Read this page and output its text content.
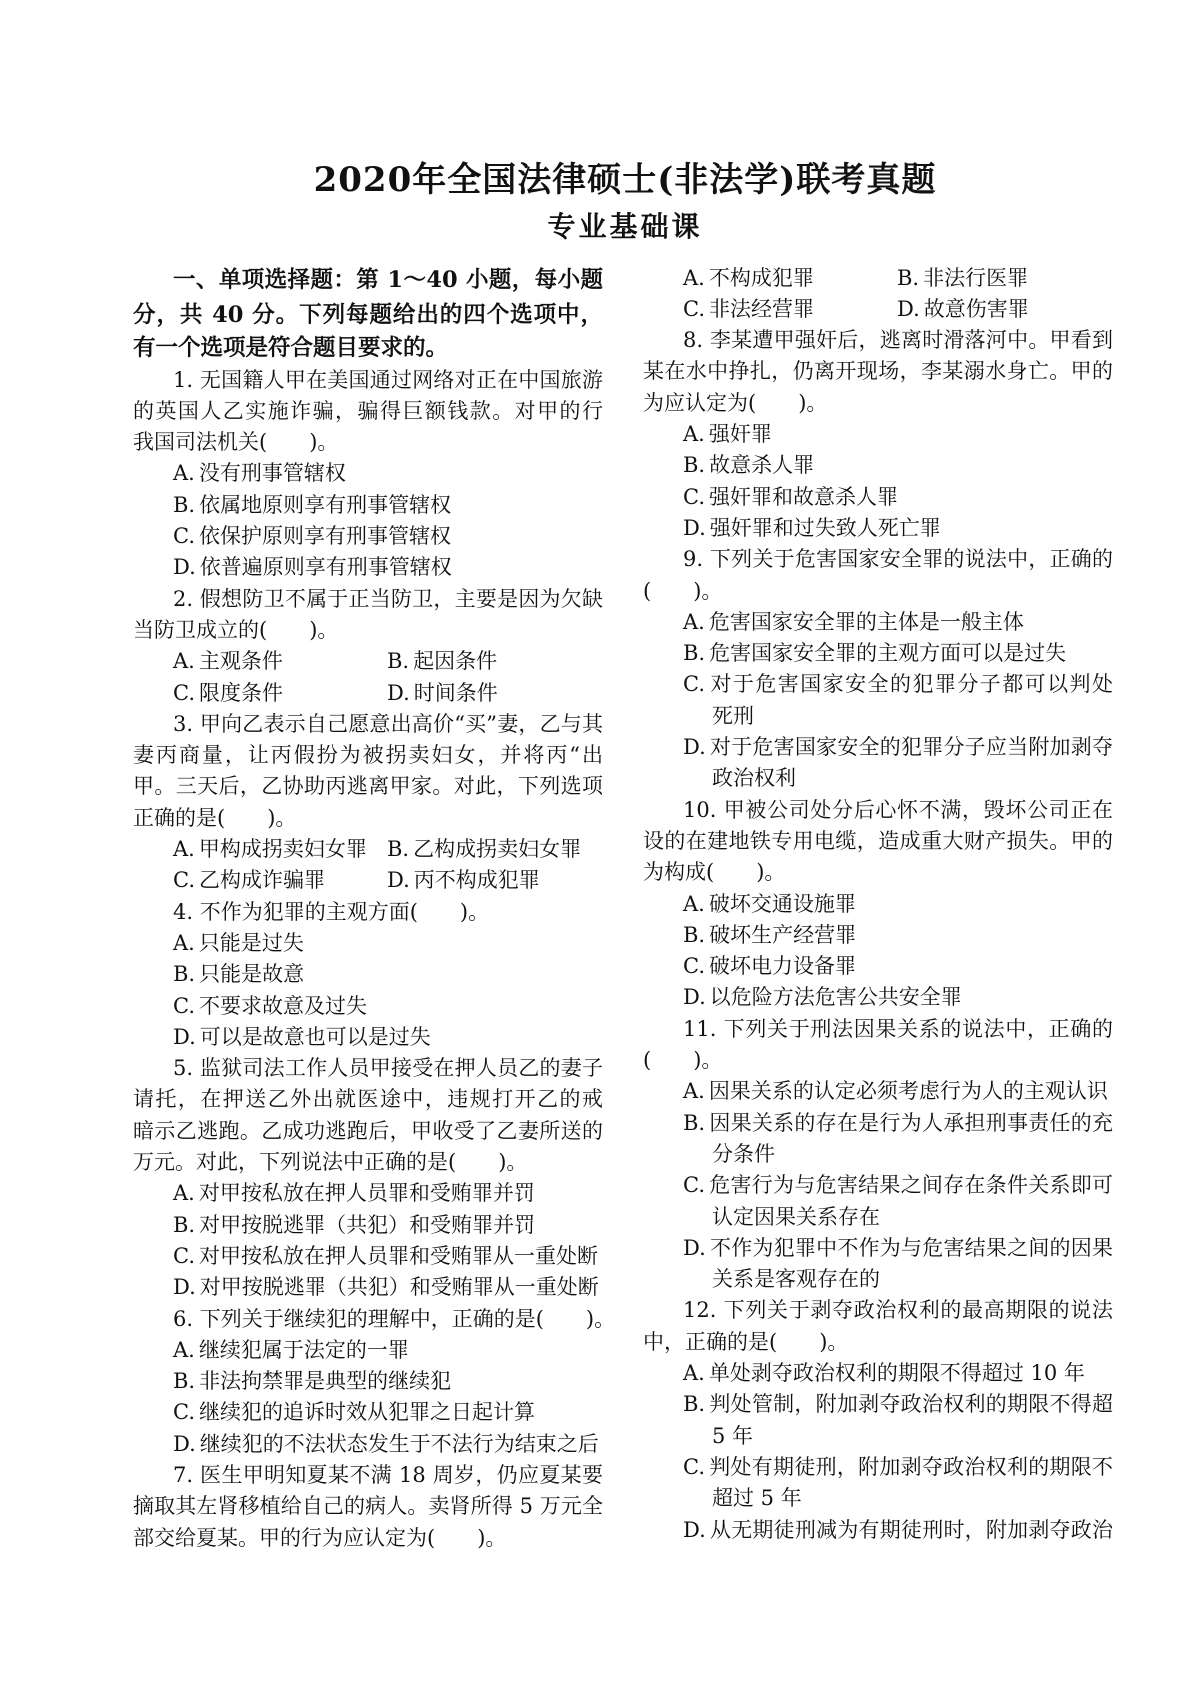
2020年全国法律硕士(非法学)联考真题
专业基础课
一、单项选择题：第 1～40 小题，每小题
分，共 40 分。下列每题给出的四个选项中，
有一个选项是符合题目要求的。
1. 无国籍人甲在美国通过网络对正在中国旅游
的英国人乙实施诈骗，骗得巨额钱款。对甲的行
我国司法机关(　　)。
A. 没有刑事管辖权
B. 依属地原则享有刑事管辖权
C. 依保护原则享有刑事管辖权
D. 依普遍原则享有刑事管辖权
2. 假想防卫不属于正当防卫，主要是因为欠缺
当防卫成立的(　　)。
A. 主观条件	B. 起因条件
C. 限度条件	D. 时间条件
3. 甲向乙表示自己愿意出高价“买”妻，乙与其
妻丙商量，让丙假扮为被拐卖妇女，并将丙“出
甲。三天后，乙协助丙逃离甲家。对此，下列选项
正确的是(　　)。
A. 甲构成拐卖妇女罪 B. 乙构成拐卖妇女罪
C. 乙构成诈骗罪	D. 丙不构成犯罪
4. 不作为犯罪的主观方面(　　)。
A. 只能是过失
B. 只能是故意
C. 不要求故意及过失
D. 可以是故意也可以是过失
5. 监狱司法工作人员甲接受在押人员乙的妻子
请托，在押送乙外出就医途中，违规打开乙的戒
暗示乙逃跑。乙成功逃跑后，甲收受了乙妻所送的
万元。对此，下列说法中正确的是(　　)。
A. 对甲按私放在押人员罪和受贿罪并罚
B. 对甲按脱逃罪（共犯）和受贿罪并罚
C. 对甲按私放在押人员罪和受贿罪从一重处断
D. 对甲按脱逃罪（共犯）和受贿罪从一重处断
6. 下列关于继续犯的理解中，正确的是(　　)。
A. 继续犯属于法定的一罪
B. 非法拘禁罪是典型的继续犯
C. 继续犯的追诉时效从犯罪之日起计算
D. 继续犯的不法状态发生于不法行为结束之后
7. 医生甲明知夏某不满 18 周岁，仍应夏某要
摘取其左肾移植给自己的病人。卖肾所得 5 万元全
部交给夏某。甲的行为应认定为(　　)。
A. 不构成犯罪	B. 非法行医罪
C. 非法经营罪	D. 故意伤害罪
8. 李某遭甲强奸后，逃离时滑落河中。甲看到
某在水中挣扎，仍离开现场，李某溺水身亡。甲的
为应认定为(　　)。
A. 强奸罪
B. 故意杀人罪
C. 强奸罪和故意杀人罪
D. 强奸罪和过失致人死亡罪
9. 下列关于危害国家安全罪的说法中，正确的
(　　)。
A. 危害国家安全罪的主体是一般主体
B. 危害国家安全罪的主观方面可以是过失
C. 对于危害国家安全的犯罪分子都可以判处
死刑
D. 对于危害国家安全的犯罪分子应当附加剥夺
政治权利
10. 甲被公司处分后心怀不满，毁坏公司正在
设的在建地铁专用电缆，造成重大财产损失。甲的
为构成(　　)。
A. 破坏交通设施罪
B. 破坏生产经营罪
C. 破坏电力设备罪
D. 以危险方法危害公共安全罪
11. 下列关于刑法因果关系的说法中，正确的
(　　)。
A. 因果关系的认定必须考虑行为人的主观认识
B. 因果关系的存在是行为人承担刑事责任的充
分条件
C. 危害行为与危害结果之间存在条件关系即可
认定因果关系存在
D. 不作为犯罪中不作为与危害结果之间的因果
关系是客观存在的
12. 下列关于剥夺政治权利的最高期限的说法
中，正确的是(　　)。
A. 单处剥夺政治权利的期限不得超过 10 年
B. 判处管制，附加剥夺政治权利的期限不得超
5 年
C. 判处有期徒刑，附加剥夺政治权利的期限不
超过 5 年
D. 从无期徒刑减为有期徒刑时，附加剥夺政治
